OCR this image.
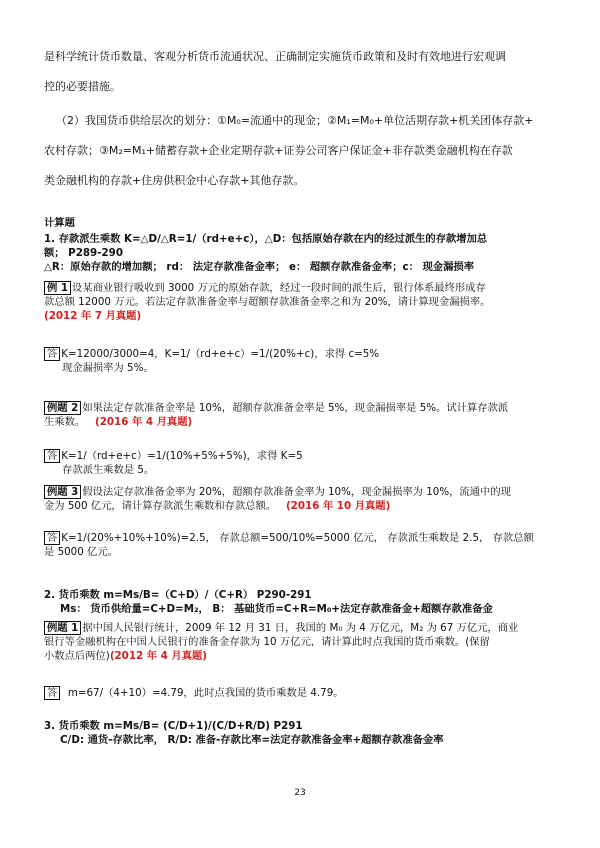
是科学统计货币数量、客观分析货币流通状况、正确制定实施货币政策和及时有效地进行宏观调
控的必要措施。
（2）我国货币供给层次的划分：①M₀=流通中的现金；②M₁=M₀+单位活期存款+机关团体存款+
农村存款；③M₂=M₁+储蓄存款+企业定期存款+证券公司客户保证金+非存款类金融机构在存款
类金融机构的存款+住房供积金中心存款+其他存款。
计算题
1. 存款派生乘数 K=△D/△R=1/（rd+e+c），△D：包括原始存款在内的经过派生的存款增加总
额； P289-290
△R：原始存款的增加额； rd： 法定存款准备金率； e： 超额存款准备金率；c： 现金漏损率
例 1 设某商业银行吸收到 3000 万元的原始存款，经过一段时间的派生后，银行体系最终形成存
款总额 12000 万元。若法定存款准备金率与超额存款准备金率之和为 20%，请计算现金漏损率。
(2012 年 7 月真题)
答 K=12000/3000=4，K=1/（rd+e+c）=1/(20%+c)，求得 c=5%
现金漏损率为 5%。
例题 2 如果法定存款准备金率是 10%，超额存款准备金率是 5%，现金漏损率是 5%。试计算存款派
生乘数。 (2016 年 4 月真题)
答 K=1/（rd+e+c）=1/(10%+5%+5%)，求得 K=5
存款派生乘数是 5。
例题 3 假设法定存款准备金率为 20%，超额存款准备金率为 10%，现金漏损率为 10%，流通中的现
金为 500 亿元，请计算存款派生乘数和存款总额。 (2016 年 10 月真题)
答 K=1/(20%+10%+10%)=2.5， 存款总额=500/10%=5000 亿元， 存款派生乘数是 2.5， 存款总额
是 5000 亿元。
2. 货币乘数 m=Ms/B=（C+D）/（C+R） P290-291
Ms： 货币供给量=C+D=M₂， B： 基础货币=C+R=M₀+法定存款准备金+超额存款准备金
例题 1 据中国人民银行统计，2009 年 12 月 31 日，我国的 M₀ 为 4 万亿元，M₂ 为 67 万亿元，商业
银行等金融机构在中国人民银行的准备金存款为 10 万亿元，请计算此时点我国的货币乘数。(保留
小数点后两位)(2012 年 4 月真题)
答 m=67/（4+10）=4.79，此时点我国的货币乘数是 4.79。
3. 货币乘数 m=Ms/B= (C/D+1)/(C/D+R/D) P291
C/D: 通货-存款比率， R/D: 准备-存款比率=法定存款准备金率+超额存款准备金率
23
